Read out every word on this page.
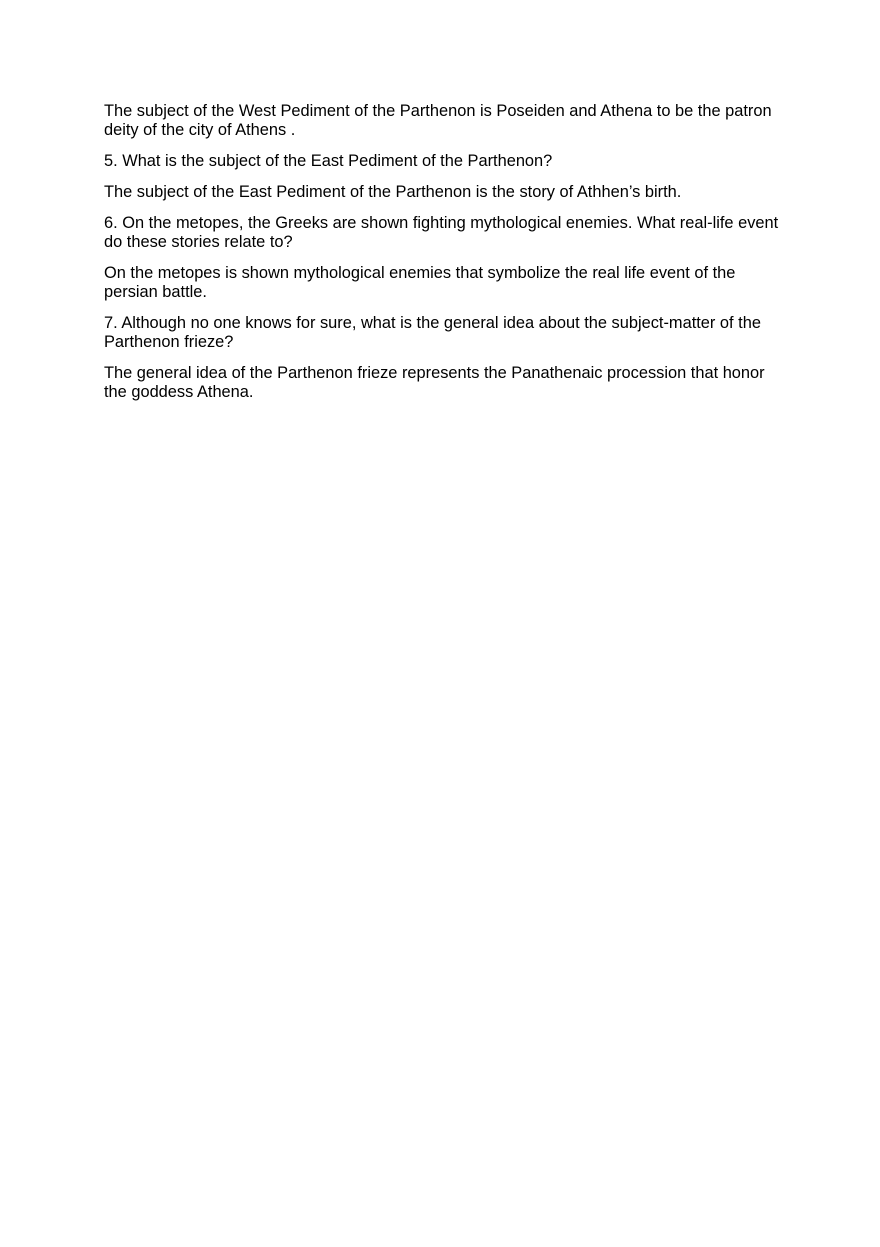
The subject of the West Pediment of the Parthenon is Poseiden and Athena to be the patron deity of the city of Athens .

5. What is the subject of the East Pediment of the Parthenon?

The subject of the East Pediment of the Parthenon is the story of Athhen’s birth.

6. On the metopes, the Greeks are shown fighting mythological enemies. What real-life event do these stories relate to?

On the metopes is shown mythological enemies that symbolize the real life event of the persian battle.

7. Although no one knows for sure, what is the general idea about the subject-matter of the Parthenon frieze?

The general idea of the Parthenon frieze represents the Panathenaic procession that honor the goddess Athena.
